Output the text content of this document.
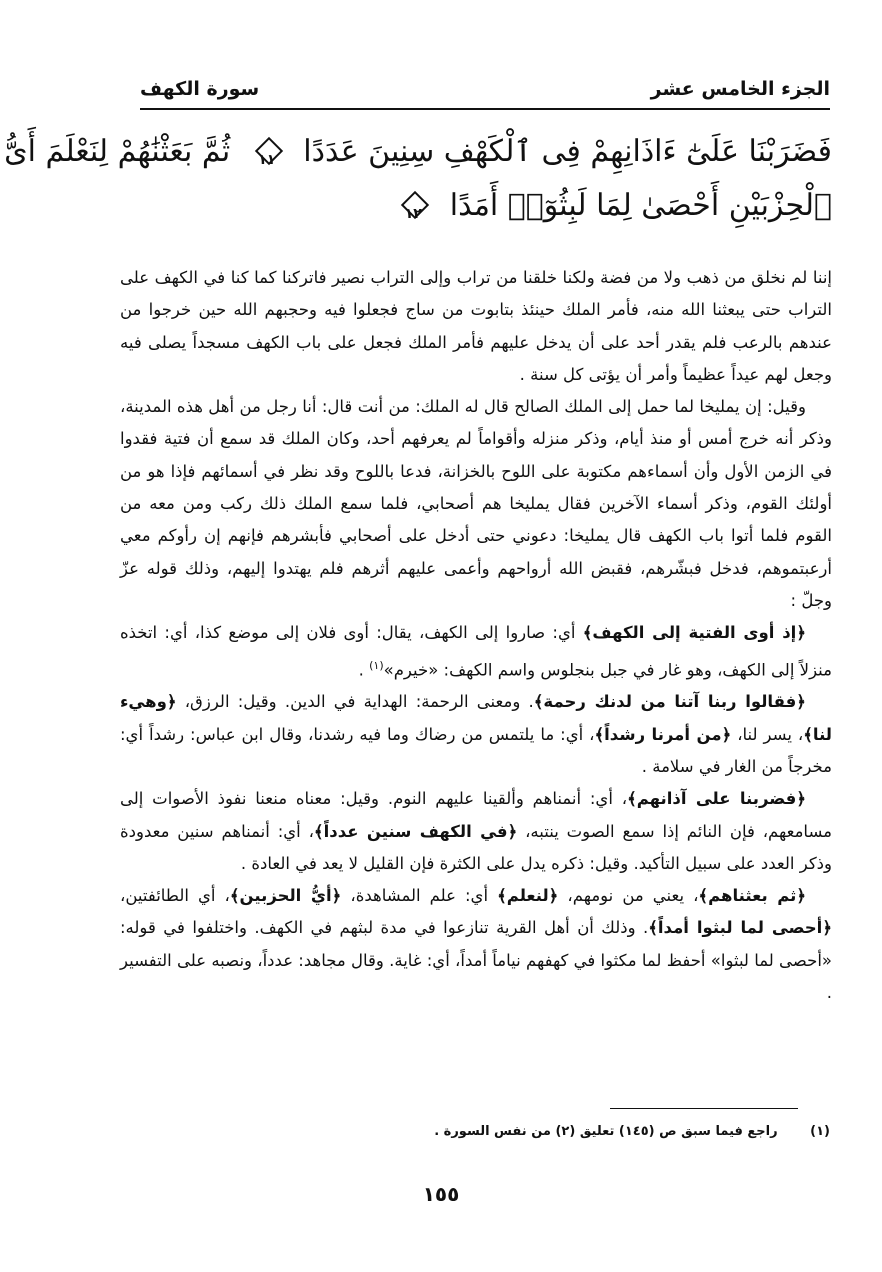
الجزء الخامس عشر
سورة الكهف
فَضَرَبْنَا عَلَىٰٓ ءَاذَانِهِمْ فِى ٱلْكَهْفِ سِنِينَ عَدَدًا ١١ ثُمَّ بَعَثْنَٰهُمْ لِنَعْلَمَ أَىُّ
ٱلْحِزْبَيْنِ أَحْصَىٰ لِمَا لَبِثُوٓا۟ أَمَدًا ١٢

إننا لم نخلق من ذهب ولا من فضة ولكنا خلقنا من تراب وإلى التراب نصير فاتركنا كما كنا في الكهف على التراب حتى يبعثنا الله منه، فأمر الملك حينئذ بتابوت من ساج فجعلوا فيه وحجبهم الله حين خرجوا من عندهم بالرعب فلم يقدر أحد على أن يدخل عليهم فأمر الملك فجعل على باب الكهف مسجداً يصلى فيه وجعل لهم عيداً عظيماً وأمر أن يؤتى كل سنة .

وقيل: إن يمليخا لما حمل إلى الملك الصالح قال له الملك: من أنت قال: أنا رجل من أهل هذه المدينة، وذكر أنه خرج أمس أو منذ أيام، وذكر منزله وأقواماً لم يعرفهم أحد، وكان الملك قد سمع أن فتية فقدوا في الزمن الأول وأن أسماءهم مكتوبة على اللوح بالخزانة، فدعا باللوح وقد نظر في أسمائهم فإذا هو من أولئك القوم، وذكر أسماء الآخرين فقال يمليخا هم أصحابي، فلما سمع الملك ذلك ركب ومن معه من القوم فلما أتوا باب الكهف قال يمليخا: دعوني حتى أدخل على أصحابي فأبشرهم فإنهم إن رأوكم معي أرعبتموهم، فدخل فبشّرهم، فقبض الله أرواحهم وأعمى عليهم أثرهم فلم يهتدوا إليهم، وذلك قوله عزّ وجلّ :

﴿إذ أوى الفتية إلى الكهف﴾ أي: صاروا إلى الكهف، يقال: أوى فلان إلى موضع كذا، أي: اتخذه منزلاً إلى الكهف، وهو غار في جبل بنجلوس واسم الكهف: «خيرم»$^{(١)}$ .

﴿فقالوا ربنا آتنا من لدنك رحمة﴾. ومعنى الرحمة: الهداية في الدين. وقيل: الرزق، ﴿وهيء لنا﴾، يسر لنا، ﴿من أمرنا رشداً﴾، أي: ما يلتمس من رضاك وما فيه رشدنا، وقال ابن عباس: رشداً أي: مخرجاً من الغار في سلامة .

﴿فضربنا على آذانهم﴾، أي: أنمناهم وألقينا عليهم النوم. وقيل: معناه منعنا نفوذ الأصوات إلى مسامعهم، فإن النائم إذا سمع الصوت ينتبه، ﴿في الكهف سنين عدداً﴾، أي: أنمناهم سنين معدودة وذكر العدد على سبيل التأكيد. وقيل: ذكره يدل على الكثرة فإن القليل لا يعد في العادة .

﴿ثم بعثناهم﴾، يعني من نومهم، ﴿لنعلم﴾ أي: علم المشاهدة، ﴿أيُّ الحزبين﴾، أي الطائفتين، ﴿أحصى لما لبثوا أمداً﴾. وذلك أن أهل القرية تنازعوا في مدة لبثهم في الكهف. واختلفوا في قوله: «أحصى لما لبثوا» أحفظ لما مكثوا في كهفهم نياماً أمداً، أي: غاية. وقال مجاهد: عدداً، ونصبه على التفسير .

(١) راجع فيما سبق ص (١٤٥) تعليق (٢) من نفس السورة .
١٥٥
